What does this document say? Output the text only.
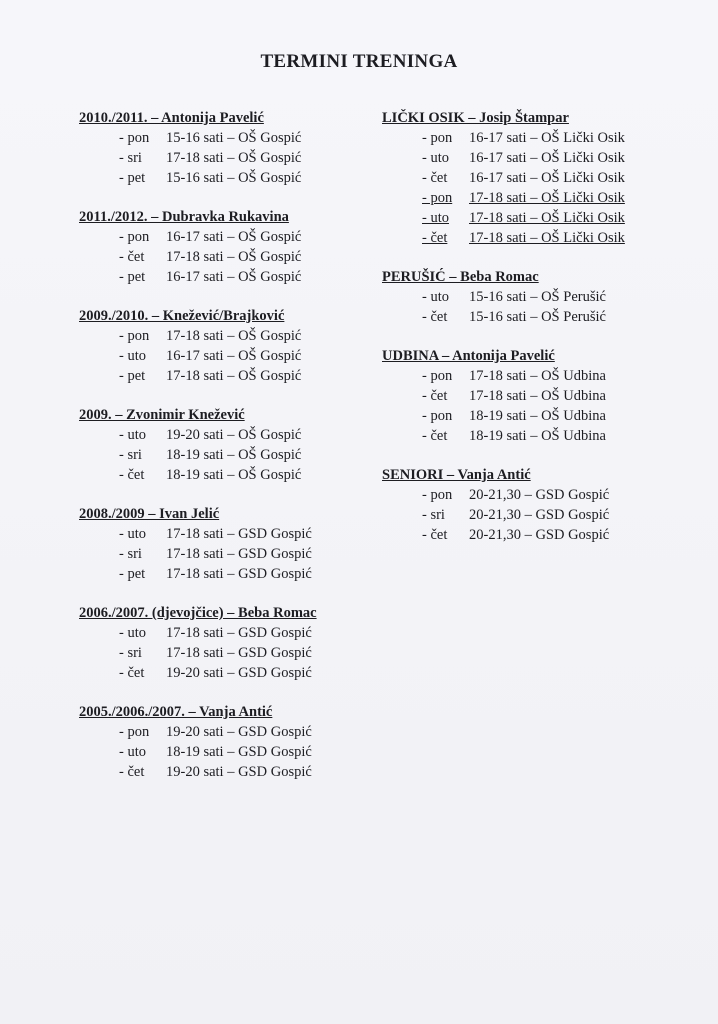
TERMINI TRENINGA
2010./2011. – Antonija Pavelić
- pon	15-16 sati – OŠ Gospić
- sri	17-18 sati – OŠ Gospić
- pet	15-16 sati – OŠ Gospić
2011./2012. – Dubravka Rukavina
- pon	16-17 sati – OŠ Gospić
- čet	17-18 sati – OŠ Gospić
- pet	16-17 sati – OŠ Gospić
2009./2010. – Knežević/Brajković
- pon	17-18 sati – OŠ Gospić
- uto	16-17 sati – OŠ Gospić
- pet	17-18 sati – OŠ Gospić
2009. – Zvonimir Knežević
- uto	19-20 sati – OŠ Gospić
- sri	18-19 sati – OŠ Gospić
- čet	18-19 sati – OŠ Gospić
2008./2009 – Ivan Jelić
- uto	17-18 sati – GSD Gospić
- sri	17-18 sati – GSD Gospić
- pet	17-18 sati – GSD Gospić
2006./2007. (djevojčice) – Beba Romac
- uto	17-18 sati – GSD Gospić
- sri	17-18 sati – GSD Gospić
- čet	19-20 sati – GSD Gospić
2005./2006./2007. – Vanja Antić
- pon	19-20 sati – GSD Gospić
- uto	18-19 sati – GSD Gospić
- čet	19-20 sati – GSD Gospić
LIČKI OSIK – Josip Štampar
- pon	16-17 sati – OŠ Lički Osik
- uto	16-17 sati – OŠ Lički Osik
- čet	16-17 sati – OŠ Lički Osik
- pon	17-18 sati – OŠ Lički Osik
- uto	17-18 sati – OŠ Lički Osik
- čet	17-18 sati – OŠ Lički Osik
PERUŠIĆ – Beba Romac
- uto	15-16 sati – OŠ Perušić
- čet	15-16 sati – OŠ Perušić
UDBINA – Antonija Pavelić
- pon	17-18 sati – OŠ Udbina
- čet	17-18 sati – OŠ Udbina
- pon	18-19 sati – OŠ Udbina
- čet	18-19 sati – OŠ Udbina
SENIORI – Vanja Antić
- pon	20-21,30 – GSD Gospić
- sri	20-21,30 – GSD Gospić
- čet	20-21,30 – GSD Gospić
